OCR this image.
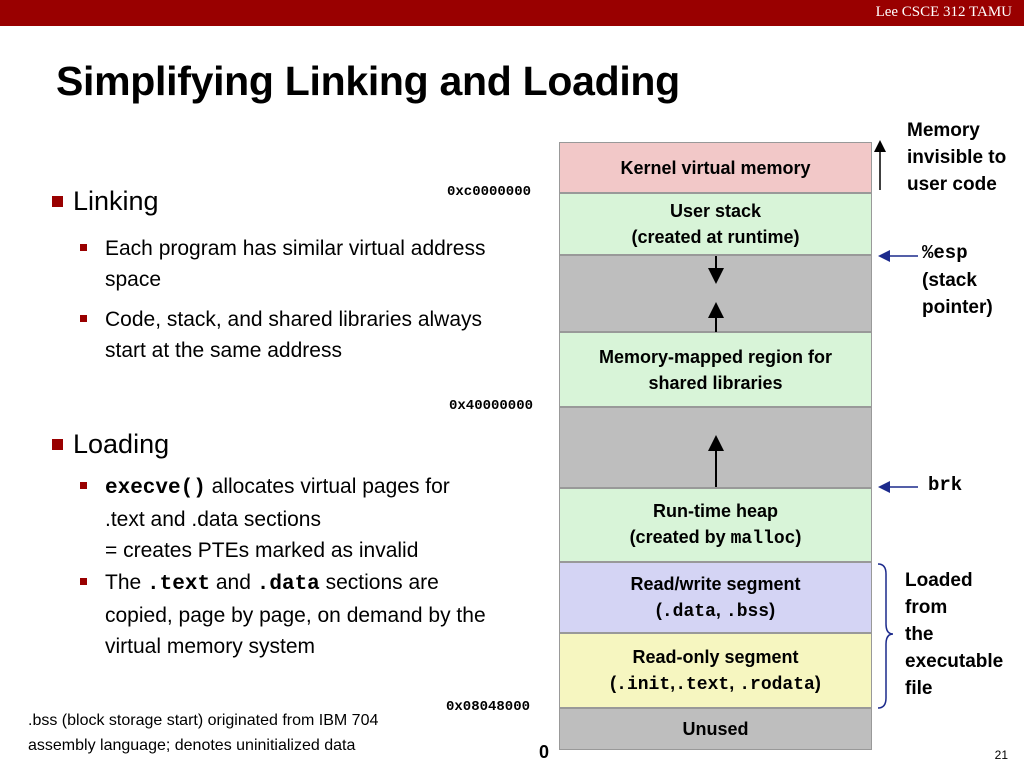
Lee CSCE 312 TAMU
Simplifying Linking and Loading
Linking
Each program has similar virtual address space
Code, stack, and shared libraries always start at the same address
Loading
execve() allocates virtual pages for .text and .data sections
= creates PTEs marked as invalid
The .text and .data sections are copied, page by page, on demand by the virtual memory system
.bss (block storage start) originated from IBM 704
assembly language; denotes uninitialized data
Kernel virtual memory
User stack
(created at runtime)
Memory-mapped region for
shared libraries
Run-time heap
(created by malloc)
Read/write segment
(.data, .bss)
Read-only segment
(.init,.text, .rodata)
Unused
0xc0000000
0x40000000
0x08048000
0
Memory
invisible to
user code
%esp
(stack
pointer)
brk
Loaded
from
the
executable
file
21
